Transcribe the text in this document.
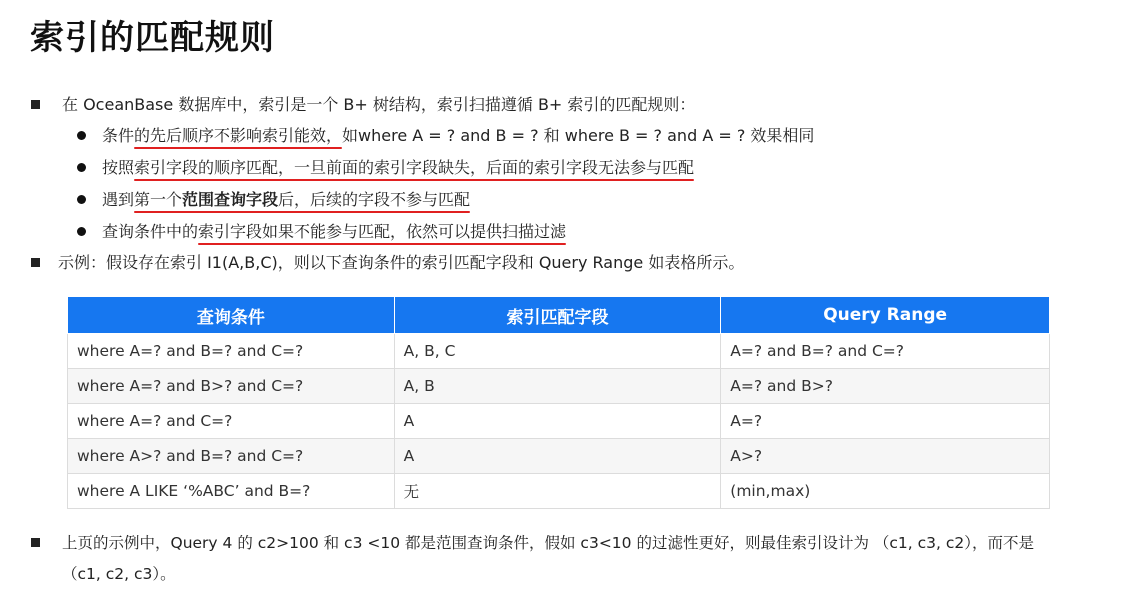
索引的匹配规则
在 OceanBase 数据库中，索引是一个 B+ 树结构，索引扫描遵循 B+ 索引的匹配规则：
条件的先后顺序不影响索引能效，如where A = ? and B = ? 和 where B = ? and A = ? 效果相同
按照索引字段的顺序匹配，一旦前面的索引字段缺失，后面的索引字段无法参与匹配
遇到第一个范围查询字段后，后续的字段不参与匹配
查询条件中的索引字段如果不能参与匹配，依然可以提供扫描过滤
示例：假设存在索引 I1(A,B,C)，则以下查询条件的索引匹配字段和 Query Range 如表格所示。
查询条件	索引匹配字段	Query Range
where A=? and B=? and C=?	A, B, C	A=? and B=? and C=?
where A=? and B>? and C=?	A, B	A=? and B>?
where A=? and C=?	A	A=?
where A>? and B=? and C=?	A	A>?
where A LIKE ‘%ABC’ and B=?	无	(min,max)
上页的示例中，Query 4 的 c2>100 和 c3 <10 都是范围查询条件，假如 c3<10 的过滤性更好，则最佳索引设计为 （c1, c3, c2），而不是
（c1, c2, c3）。
